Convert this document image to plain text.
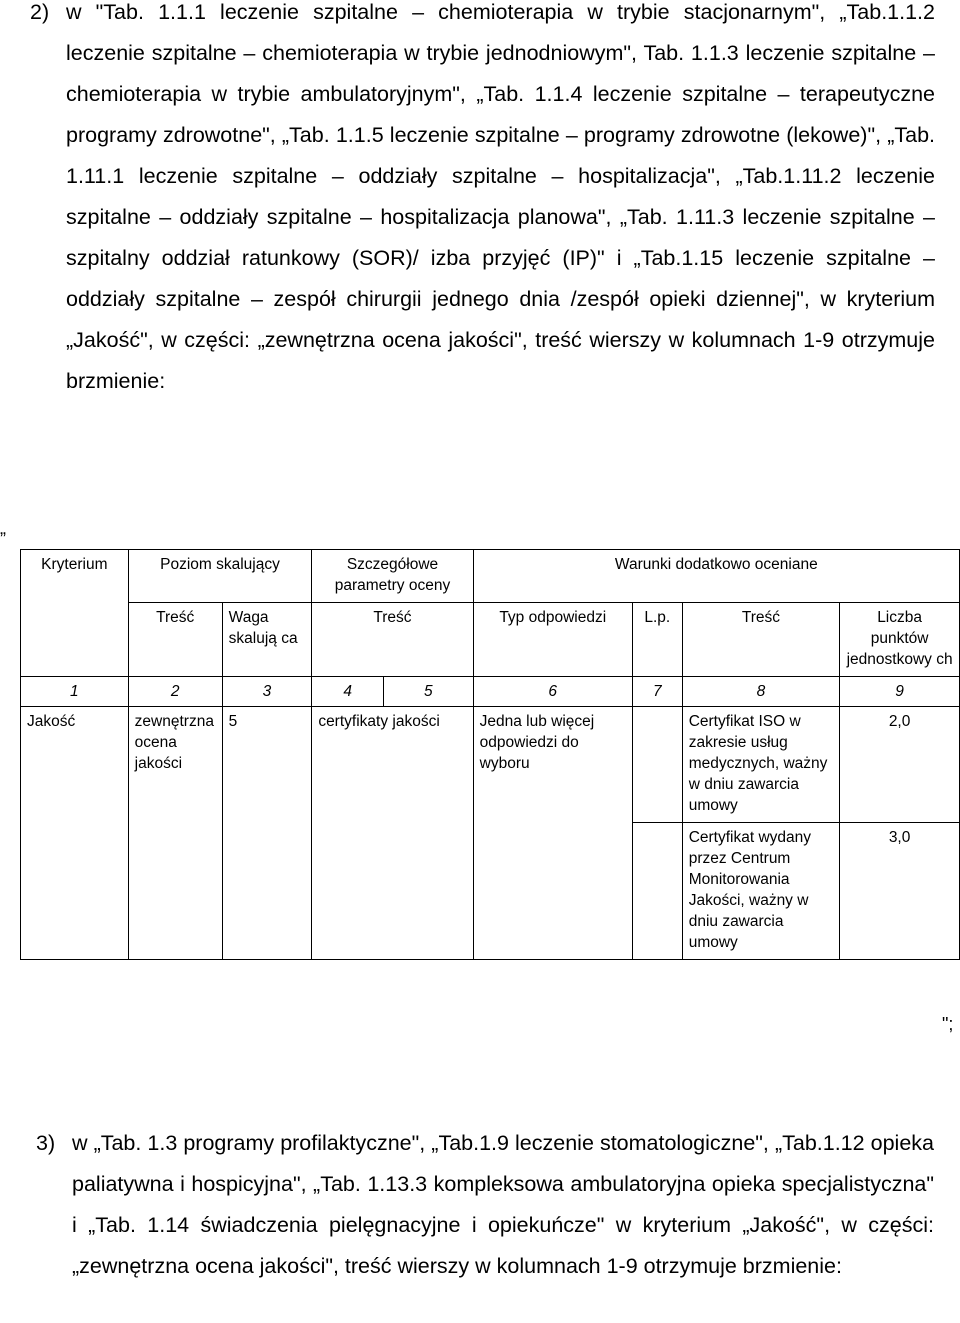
2) w "Tab. 1.1.1 leczenie szpitalne – chemioterapia w trybie stacjonarnym", „Tab.1.1.2 leczenie szpitalne – chemioterapia w trybie jednodniowym", Tab. 1.1.3 leczenie szpitalne – chemioterapia w trybie ambulatoryjnym", „Tab. 1.1.4 leczenie szpitalne – terapeutyczne programy zdrowotne", „Tab. 1.1.5 leczenie szpitalne – programy zdrowotne (lekowe)", „Tab. 1.11.1 leczenie szpitalne – oddziały szpitalne – hospitalizacja", „Tab.1.11.2 leczenie szpitalne – oddziały szpitalne – hospitalizacja planowa", „Tab. 1.11.3 leczenie szpitalne – szpitalny oddział ratunkowy (SOR)/ izba przyjęć (IP)" i „Tab.1.15 leczenie szpitalne – oddziały szpitalne – zespół chirurgii jednego dnia /zespół opieki dziennej", w kryterium „Jakość", w części: „zewnętrzna ocena jakości", treść wierszy w kolumnach 1-9 otrzymuje brzmienie:
„
Kryterium	Poziom skalujący		Szczegółowe parametry oceny		Warunki dodatkowo oceniane			
	Treść	Waga skalują ca	Treść		Typ odpowiedzi	L.p.	Treść	Liczba punktów jednostkowy ch
1	2	3	4	5	6	7	8	9
Jakość	zewnętrzna ocena jakości	5	certyfikaty jakości		Jedna lub więcej odpowiedzi do wyboru		Certyfikat ISO w zakresie usług medycznych, ważny w dniu zawarcia umowy	2,0
							Certyfikat wydany przez Centrum Monitorowania Jakości, ważny w dniu zawarcia umowy	3,0
";
3) w „Tab. 1.3 programy profilaktyczne", „Tab.1.9 leczenie stomatologiczne", „Tab.1.12 opieka paliatywna i hospicyjna", „Tab. 1.13.3 kompleksowa ambulatoryjna opieka specjalistyczna" i „Tab. 1.14 świadczenia pielęgnacyjne i opiekuńcze" w kryterium „Jakość", w części: „zewnętrzna ocena jakości", treść wierszy w kolumnach 1-9 otrzymuje brzmienie:
